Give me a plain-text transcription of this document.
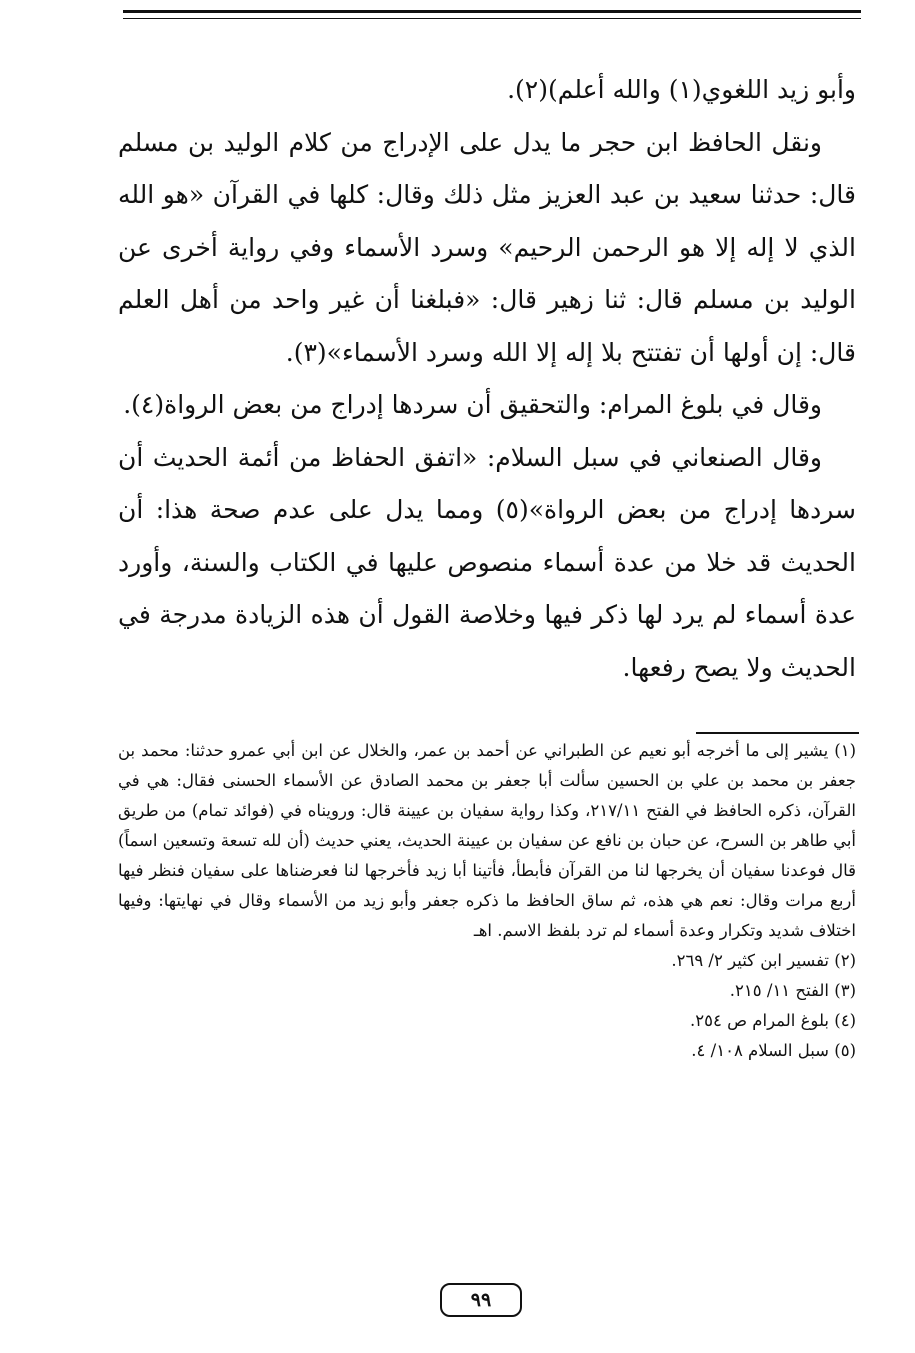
وأبو زيد اللغوي(١) والله أعلم)(٢).

ونقل الحافظ ابن حجر ما يدل على الإدراج من كلام الوليد بن مسلم قال: حدثنا سعيد بن عبد العزيز مثل ذلك وقال: كلها في القرآن «هو الله الذي لا إله إلا هو الرحمن الرحيم» وسرد الأسماء وفي رواية أخرى عن الوليد بن مسلم قال: ثنا زهير قال: «فبلغنا أن غير واحد من أهل العلم قال: إن أولها أن تفتتح بلا إله إلا الله وسرد الأسماء»(٣).

وقال في بلوغ المرام: والتحقيق أن سردها إدراج من بعض الرواة(٤).

وقال الصنعاني في سبل السلام: «اتفق الحفاظ من أئمة الحديث أن سردها إدراج من بعض الرواة»(٥) ومما يدل على عدم صحة هذا: أن الحديث قد خلا من عدة أسماء منصوص عليها في الكتاب والسنة، وأورد عدة أسماء لم يرد لها ذكر فيها وخلاصة القول أن هذه الزيادة مدرجة في الحديث ولا يصح رفعها.

(١) يشير إلى ما أخرجه أبو نعيم عن الطبراني عن أحمد بن عمر، والخلال عن ابن أبي عمرو حدثنا: محمد بن جعفر بن محمد بن علي بن الحسين سألت أبا جعفر بن محمد الصادق عن الأسماء الحسنى فقال: هي في القرآن، ذكره الحافظ في الفتح ٢١٧/١١، وكذا رواية سفيان بن عيينة قال: ورويناه في (فوائد تمام) من طريق أبي طاهر بن السرح، عن حبان بن نافع عن سفيان بن عيينة الحديث، يعني حديث (أن لله تسعة وتسعين اسماً) قال فوعدنا سفيان أن يخرجها لنا من القرآن فأبطأ، فأتينا أبا زيد فأخرجها لنا فعرضناها على سفيان فنظر فيها أربع مرات وقال: نعم هي هذه، ثم ساق الحافظ ما ذكره جعفر وأبو زيد من الأسماء وقال في نهايتها: وفيها اختلاف شديد وتكرار وعدة أسماء لم ترد بلفظ الاسم. اهـ

(٢) تفسير ابن كثير ٢/ ٢٦٩.

(٣) الفتح ١١/ ٢١٥.

(٤) بلوغ المرام ص ٢٥٤.

(٥) سبل السلام ١٠٨/ ٤.

٩٩
